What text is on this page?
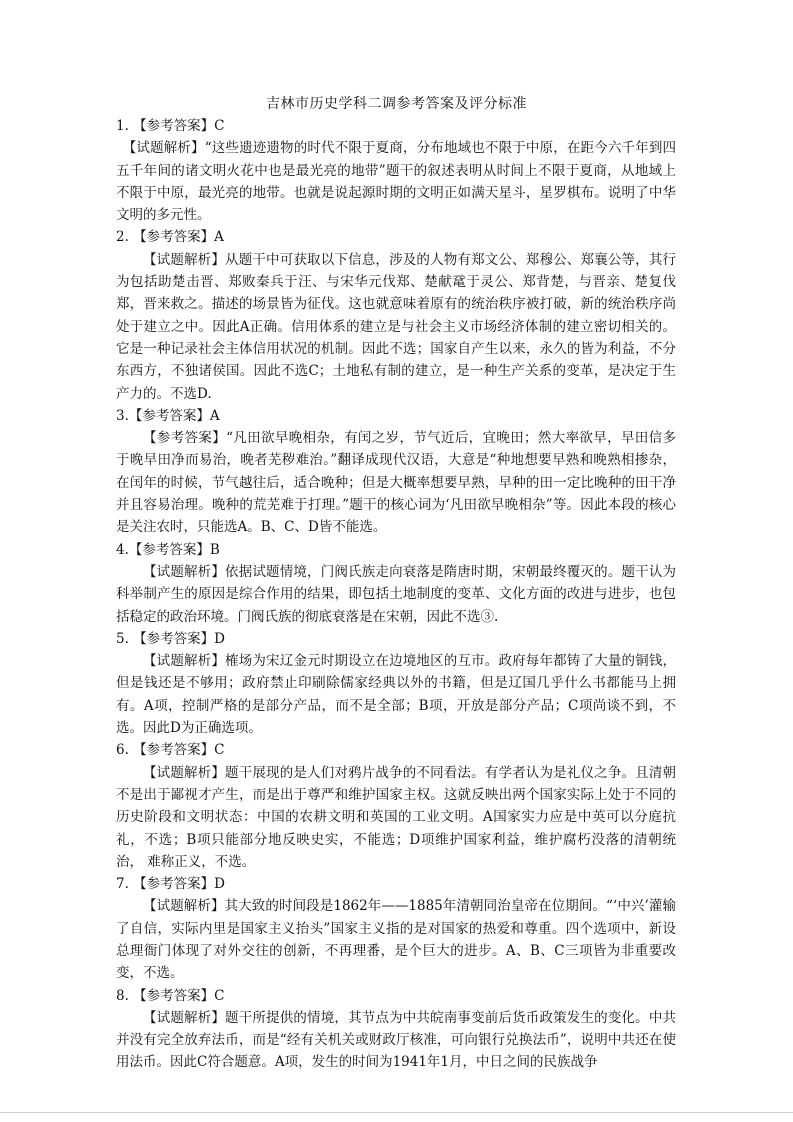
吉林市历史学科二调参考答案及评分标准
1. 【参考答案】C

【试题解析】“这些遗迹遗物的时代不限于夏商，分布地域也不限于中原，在距今六千年到四五千年间的诸文明火花中也是最光亮的地带”题干的叙述表明从时间上不限于夏商，从地域上不限于中原，最光亮的地带。也就是说起源时期的文明正如满天星斗，星罗棋布。说明了中华文明的多元性。

2. 【参考答案】A

【试题解析】从题干中可获取以下信息，涉及的人物有郑文公、郑穆公、郑襄公等，其行为包括助楚击晋、郑败秦兵于汪、与宋华元伐郑、楚献鼋于灵公、郑背楚，与晋亲、楚复伐郑，晋来救之。描述的场景皆为征伐。这也就意味着原有的统治秩序被打破，新的统治秩序尚处于建立之中。因此A正确。信用体系的建立是与社会主义市场经济体制的建立密切相关的。它是一种记录社会主体信用状况的机制。因此不选；国家自产生以来，永久的皆为利益，不分东西方，不独诸侯国。因此不选C；土地私有制的建立，是一种生产关系的变革，是决定于生产力的。不选D.

3.【参考答案】A

【参考答案】“凡田欲早晚相杂，有闰之岁，节气近后，宜晚田；然大率欲早，早田信多于晚早田净而易治，晚者芜秽难治。”翻译成现代汉语，大意是“种地想要早熟和晚熟相掺杂，在闰年的时候，节气越往后，适合晚种；但是大概率想要早熟，早种的田一定比晚种的田干净并且容易治理。晚种的荒芜难于打理。”题干的核心词为‘凡田欲早晚相杂”等。因此本段的核心是关注农时，只能选A。B、C、D皆不能选。

4.【参考答案】B

【试题解析】依据试题情境，门阀氏族走向衰落是隋唐时期，宋朝最终覆灭的。题干认为科举制产生的原因是综合作用的结果，即包括土地制度的变革、文化方面的改进与进步，也包括稳定的政治环境。门阀氏族的彻底衰落是在宋朝，因此不选③.

5. 【参考答案】D

【试题解析】榷场为宋辽金元时期设立在边境地区的互市。政府每年都铸了大量的铜钱，但是钱还是不够用；政府禁止印刷除儒家经典以外的书籍，但是辽国几乎什么书都能马上拥有。A项，控制严格的是部分产品，而不是全部；B项，开放是部分产品；C项尚谈不到，不选。因此D为正确选项。

6. 【参考答案】C

【试题解析】题干展现的是人们对鸦片战争的不同看法。有学者认为是礼仪之争。且清朝不是出于鄙视才产生，而是出于尊严和维护国家主权。这就反映出两个国家实际上处于不同的历史阶段和文明状态：中国的农耕文明和英国的工业文明。A国家实力应是中英可以分庭抗礼，不选；B项只能部分地反映史实，不能选；D项维护国家利益，维护腐朽没落的清朝统治， 难称正义，不选。

7. 【参考答案】D

【试题解析】其大致的时间段是1862年——1885年清朝同治皇帝在位期间。“‘中兴’灌输了自信，实际内里是国家主义抬头”国家主义指的是对国家的热爱和尊重。四个选项中，新设总理衙门体现了对外交往的创新，不再理番，是个巨大的进步。A、B、C三项皆为非重要改变，不选。

8. 【参考答案】C

【试题解析】题干所提供的情境，其节点为中共皖南事变前后货币政策发生的变化。中共并没有完全放弃法币，而是“经有关机关或财政厅核准，可向银行兑换法币”，说明中共还在使用法币。因此C符合题意。A项，发生的时间为1941年1月，中日之间的民族战争
